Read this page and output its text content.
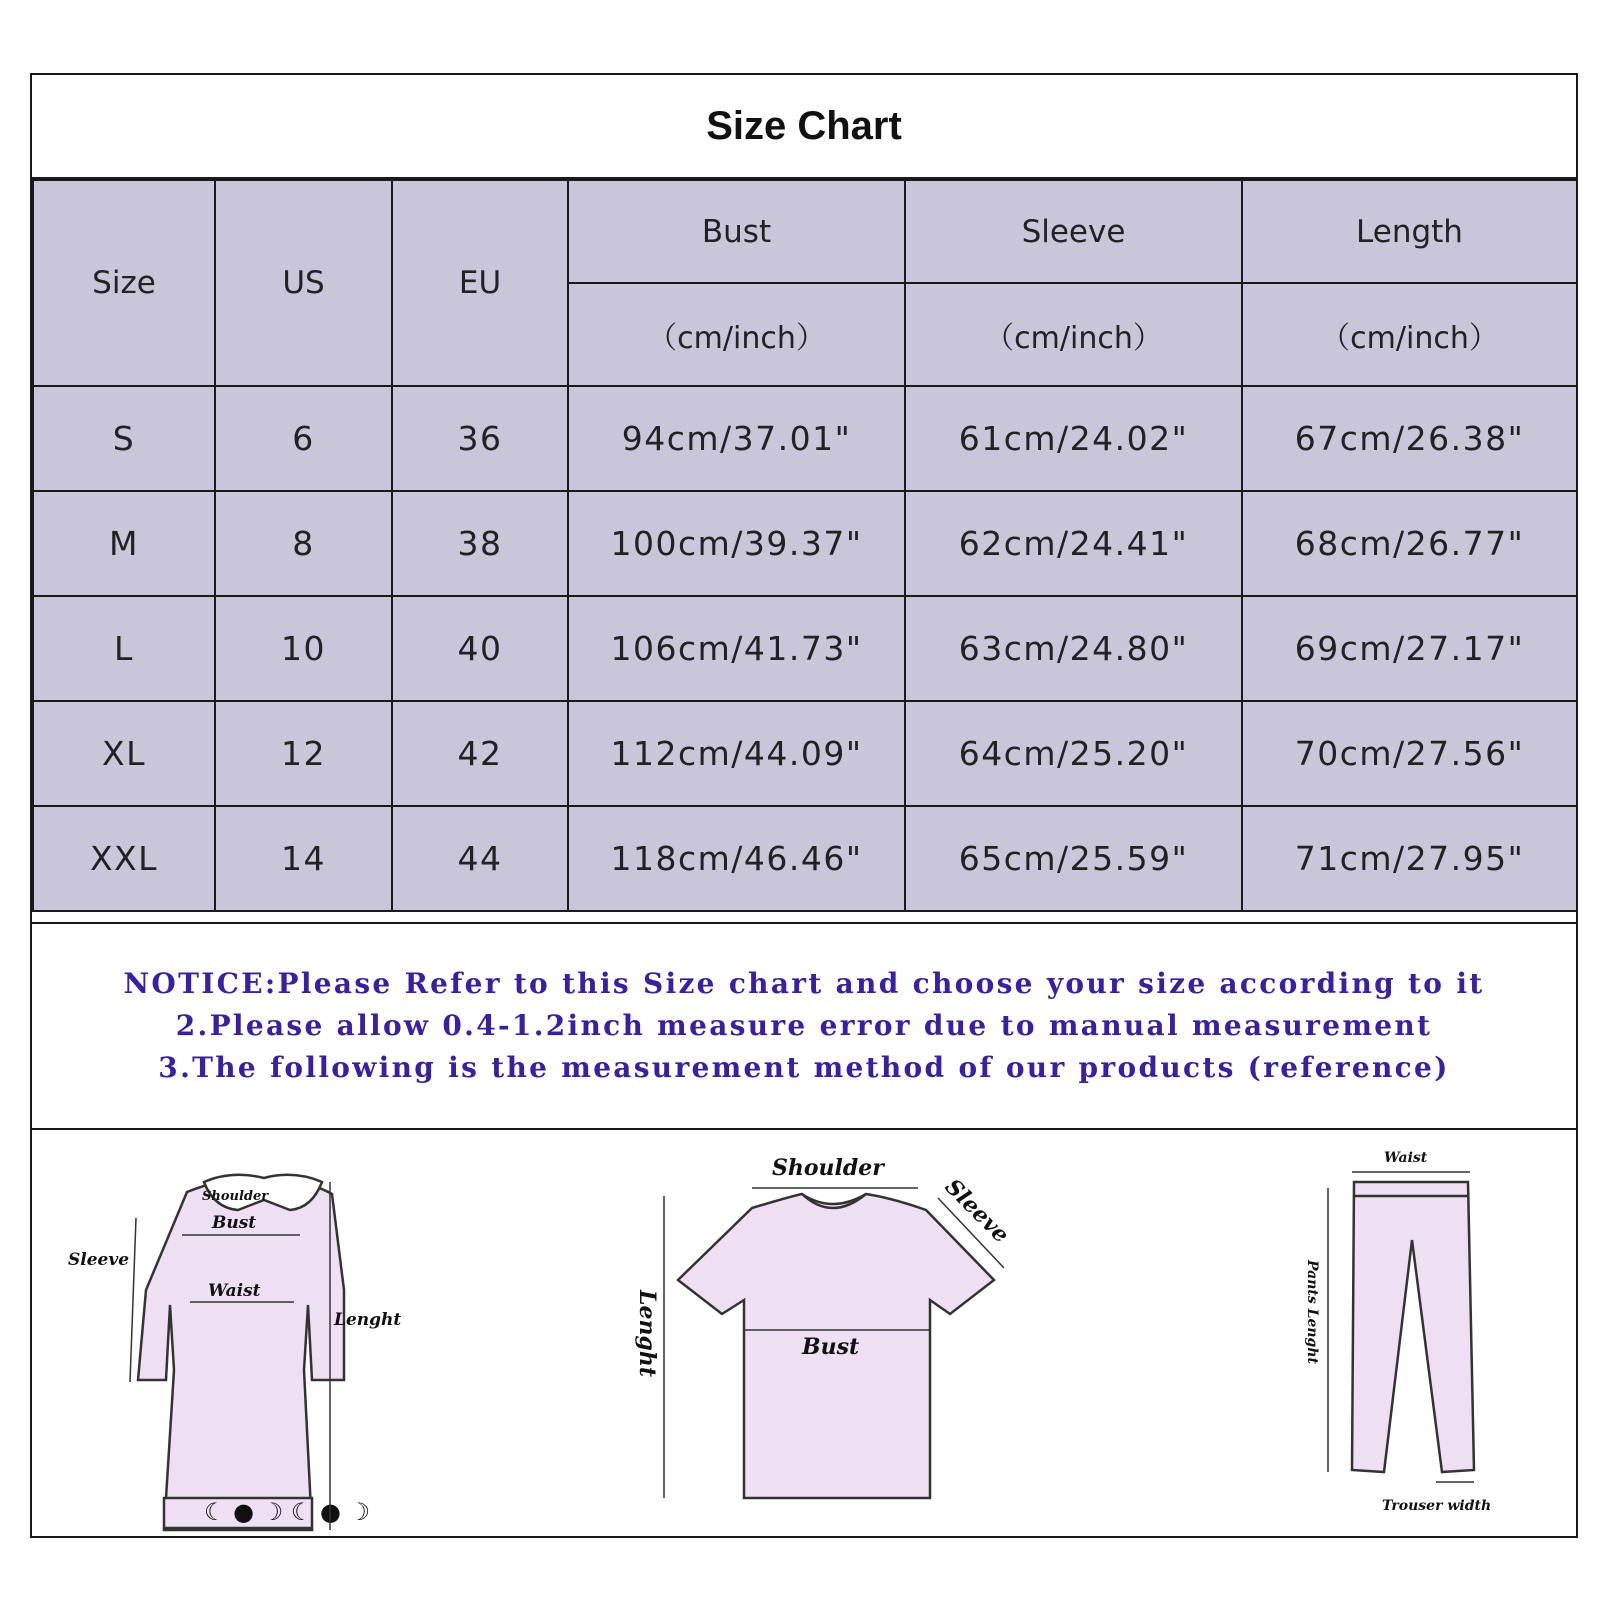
Size Chart
Size	US	EU	Bust	Sleeve	Length
			（cm/inch）	（cm/inch）	（cm/inch）
S	6	36	94cm/37.01"	61cm/24.02"	67cm/26.38"
M	8	38	100cm/39.37"	62cm/24.41"	68cm/26.77"
L	10	40	106cm/41.73"	63cm/24.80"	69cm/27.17"
XL	12	42	112cm/44.09"	64cm/25.20"	70cm/27.56"
XXL	14	44	118cm/46.46"	65cm/25.59"	71cm/27.95"
NOTICE:Please Refer to this Size chart and choose your size according to it
2.Please allow 0.4-1.2inch measure error due to manual measurement
3.The following is the measurement method of our products (reference)
☾ ● ☽ ☾ ● ☽
Shoulder
Bust
Waist
Sleeve
Lenght
Shoulder
Sleeve
Lenght	Bust
Waist
Pants Lenght
Trouser width
